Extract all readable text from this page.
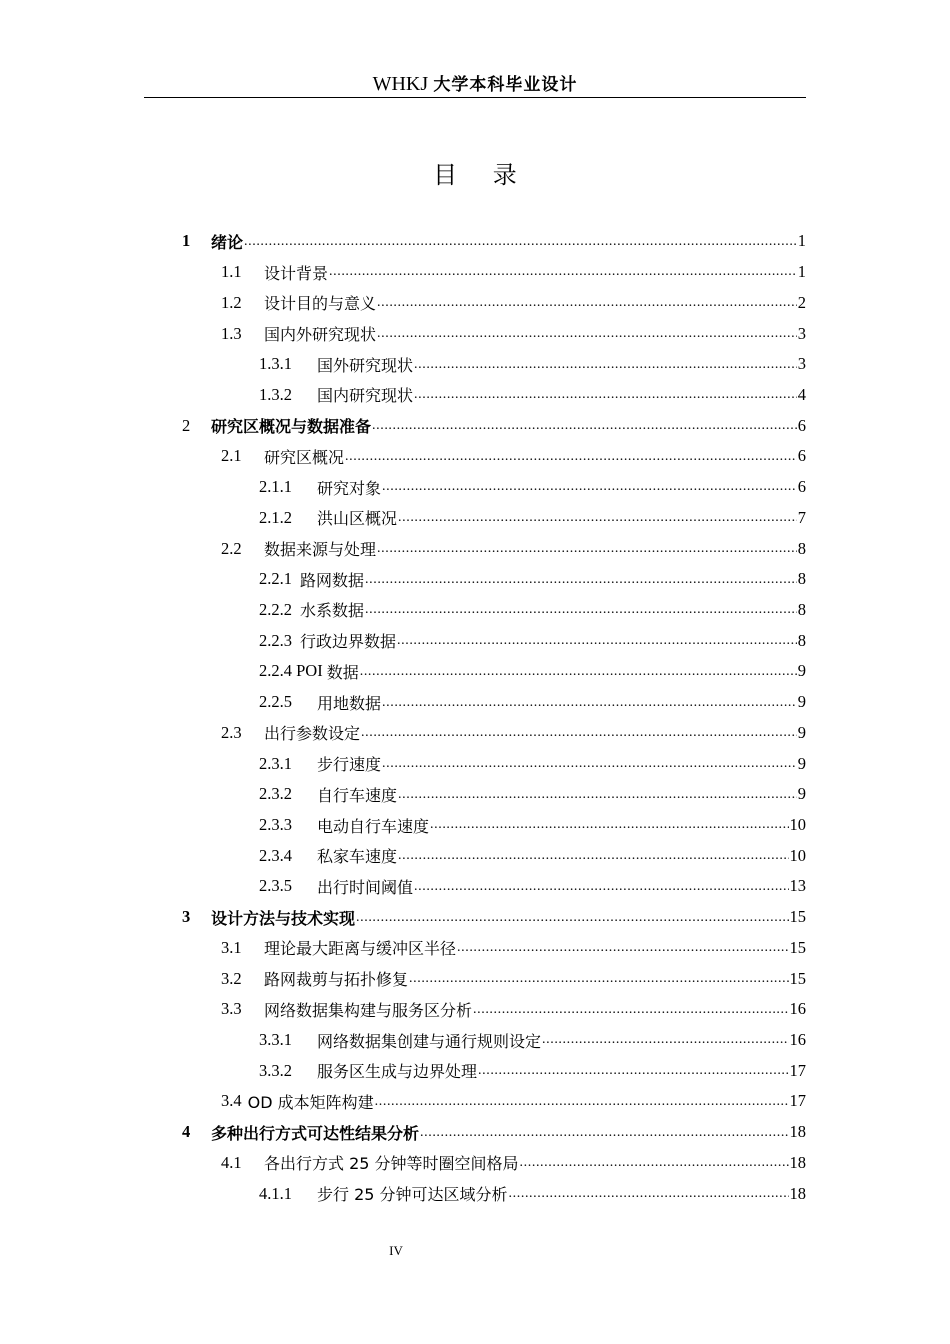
WHKJ 大学本科毕业设计
目 录
1	绪论 .....	1
1.1	设计背景 .....	1
1.2	设计目的与意义 .....	2
1.3	国内外研究现状 .....	3
1.3.1	国外研究现状 .....	3
1.3.2	国内研究现状 .....	4
2	研究区概况与数据准备 .....	6
2.1	研究区概况 .....	6
2.1.1	研究对象 .....	6
2.1.2	洪山区概况 .....	7
2.2	数据来源与处理 .....	8
2.2.1 路网数据 .....	8
2.2.2 水系数据 .....	8
2.2.3 行政边界数据 .....	8
2.2.4 POI 数据 .....	9
2.2.5	用地数据 .....	9
2.3	出行参数设定 .....	9
2.3.1	步行速度 .....	9
2.3.2	自行车速度 .....	9
2.3.3	电动自行车速度 .....	10
2.3.4	私家车速度 .....	10
2.3.5	出行时间阈值 .....	13
3	设计方法与技术实现 .....	15
3.1	理论最大距离与缓冲区半径 .....	15
3.2	路网裁剪与拓扑修复 .....	15
3.3	网络数据集构建与服务区分析 .....	16
3.3.1	网络数据集创建与通行规则设定 .....	16
3.3.2	服务区生成与边界处理 .....	17
3.4 OD 成本矩阵构建 .....	17
4	多种出行方式可达性结果分析 .....	18
4.1	各出行方式 25 分钟等时圈空间格局 .....	18
4.1.1	步行 25 分钟可达区域分析 .....	18
IV
